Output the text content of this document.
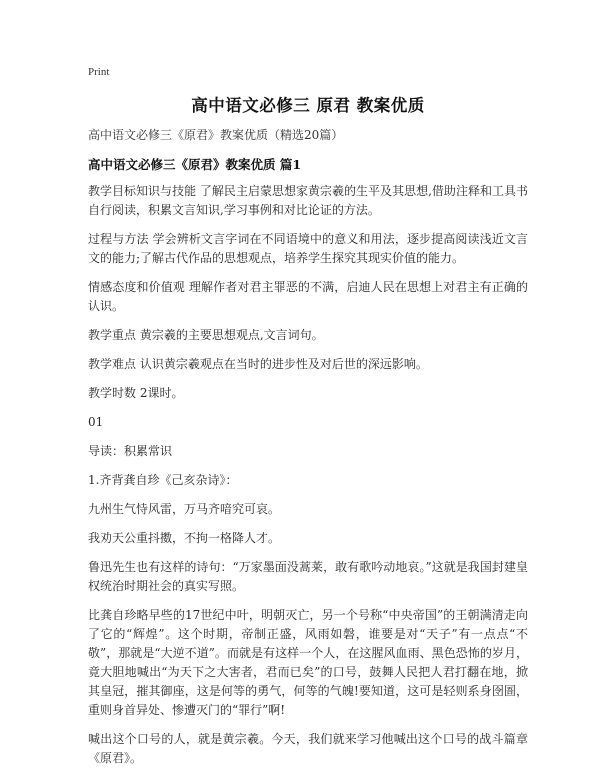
Print
高中语文必修三 原君 教案优质
高中语文必修三《原君》教案优质（精选20篇）
高中语文必修三《原君》教案优质 篇1

教学目标知识与技能 了解民主启蒙思想家黄宗羲的生平及其思想,借助注释和工具书自行阅读，积累文言知识,学习事例和对比论证的方法。

过程与方法 学会辨析文言字词在不同语境中的意义和用法，逐步提高阅读浅近文言文的能力;了解古代作品的思想观点，培养学生探究其现实价值的能力。

情感态度和价值观 理解作者对君主罪恶的不满，启迪人民在思想上对君主有正确的认识。

教学重点 黄宗羲的主要思想观点,文言词句。

教学难点 认识黄宗羲观点在当时的进步性及对后世的深远影响。

教学时数 2课时。

01

导读：积累常识

1.齐背龚自珍《己亥杂诗》：

九州生气恃风雷，万马齐喑究可哀。

我劝天公重抖擞，不拘一格降人才。

鲁迅先生也有这样的诗句：“万家墨面没蒿莱，敢有歌吟动地哀。”这就是我国封建皇权统治时期社会的真实写照。

比龚自珍略早些的17世纪中叶，明朝灭亡，另一个号称“中央帝国”的王朝满清走向了它的“辉煌”。这个时期，帝制正盛，风雨如磐，谁要是对“天子”有一点点“不敬”，那就是“大逆不道”。而就是有这样一个人，在这腥风血雨、黑色恐怖的岁月，竟大胆地喊出“为天下之大害者，君而已矣”的口号，鼓舞人民把人君打翻在地，掀其皇冠，摧其御座，这是何等的勇气，何等的气魄!要知道，这可是轻则系身囹圄，重则身首异处、惨遭灭门的“罪行”啊!

喊出这个口号的人，就是黄宗羲。今天，我们就来学习他喊出这个口号的战斗篇章《原君》。
